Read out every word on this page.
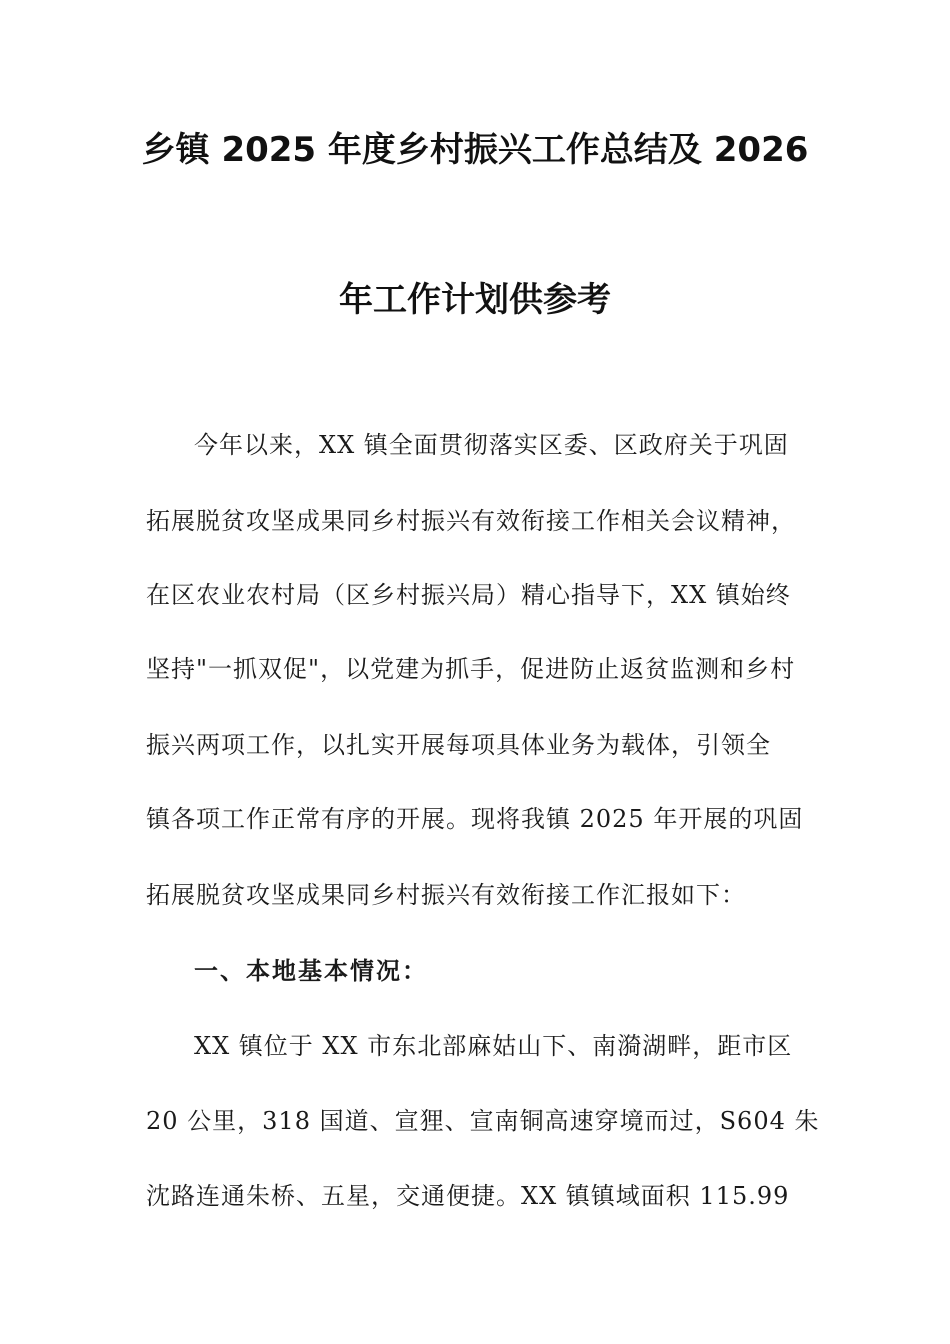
乡镇 2025 年度乡村振兴工作总结及 2026
年工作计划供参考
今年以来，XX 镇全面贯彻落实区委、区政府关于巩固
拓展脱贫攻坚成果同乡村振兴有效衔接工作相关会议精神，
在区农业农村局（区乡村振兴局）精心指导下，XX 镇始终
坚持"一抓双促"，以党建为抓手，促进防止返贫监测和乡村
振兴两项工作，以扎实开展每项具体业务为载体，引领全
镇各项工作正常有序的开展。现将我镇 2025 年开展的巩固
拓展脱贫攻坚成果同乡村振兴有效衔接工作汇报如下：
一、本地基本情况：
XX 镇位于 XX 市东北部麻姑山下、南漪湖畔，距市区
20 公里，318 国道、宣狸、宣南铜高速穿境而过，S604 朱
沈路连通朱桥、五星，交通便捷。XX 镇镇域面积 115.99
